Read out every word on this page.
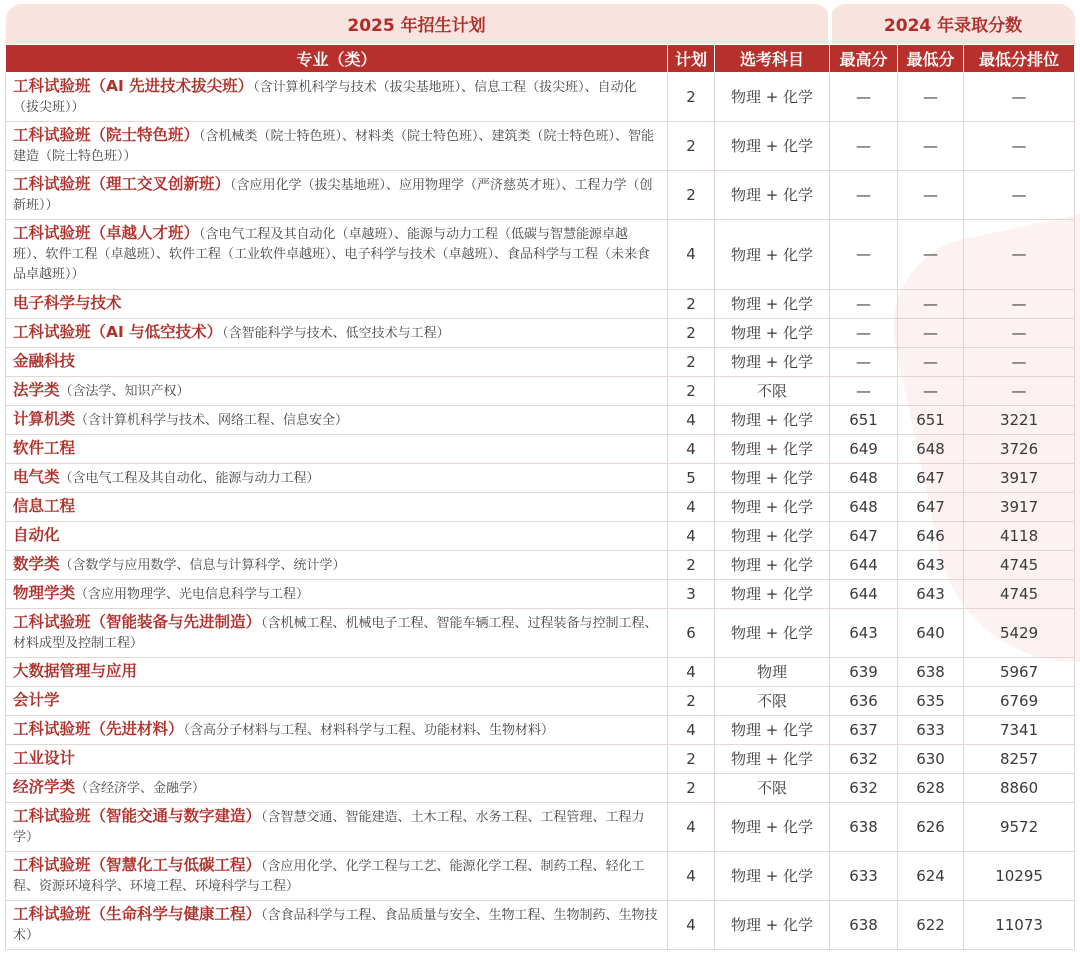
2025 年招生计划			2024 年录取分数		
专业（类）	计划	选考科目	最高分	最低分	最低分排位
工科试验班（AI 先进技术拔尖班）（含计算机科学与技术（拔尖基地班）、信息工程（拔尖班）、自动化（拔尖班））	2	物理 + 化学	—	—	—
工科试验班（院士特色班）（含机械类（院士特色班）、材料类（院士特色班）、建筑类（院士特色班）、智能建造（院士特色班））	2	物理 + 化学	—	—	—
工科试验班（理工交叉创新班）（含应用化学（拔尖基地班）、应用物理学（严济慈英才班）、工程力学（创新班））	2	物理 + 化学	—	—	—
工科试验班（卓越人才班）（含电气工程及其自动化（卓越班）、能源与动力工程（低碳与智慧能源卓越班）、软件工程（卓越班）、软件工程（工业软件卓越班）、电子科学与技术（卓越班）、食品科学与工程（未来食品卓越班））	4	物理 + 化学	—	—	—
电子科学与技术	2	物理 + 化学	—	—	—
工科试验班（AI 与低空技术）（含智能科学与技术、低空技术与工程）	2	物理 + 化学	—	—	—
金融科技	2	物理 + 化学	—	—	—
法学类（含法学、知识产权）	2	不限	—	—	—
计算机类（含计算机科学与技术、网络工程、信息安全）	4	物理 + 化学	651	651	3221
软件工程	4	物理 + 化学	649	648	3726
电气类（含电气工程及其自动化、能源与动力工程）	5	物理 + 化学	648	647	3917
信息工程	4	物理 + 化学	648	647	3917
自动化	4	物理 + 化学	647	646	4118
数学类（含数学与应用数学、信息与计算科学、统计学）	2	物理 + 化学	644	643	4745
物理学类（含应用物理学、光电信息科学与工程）	3	物理 + 化学	644	643	4745
工科试验班（智能装备与先进制造）（含机械工程、机械电子工程、智能车辆工程、过程装备与控制工程、材料成型及控制工程）	6	物理 + 化学	643	640	5429
大数据管理与应用	4	物理	639	638	5967
会计学	2	不限	636	635	6769
工科试验班（先进材料）（含高分子材料与工程、材料科学与工程、功能材料、生物材料）	4	物理 + 化学	637	633	7341
工业设计	2	物理 + 化学	632	630	8257
经济学类（含经济学、金融学）	2	不限	632	628	8860
工科试验班（智能交通与数字建造）（含智慧交通、智能建造、土木工程、水务工程、工程管理、工程力学）	4	物理 + 化学	638	626	9572
工科试验班（智慧化工与低碳工程）（含应用化学、化学工程与工艺、能源化学工程、制药工程、轻化工程、资源环境科学、环境工程、环境科学与工程）	4	物理 + 化学	633	624	10295
工科试验班（生命科学与健康工程）（含食品科学与工程、食品质量与安全、生物工程、生物制药、生物技术）	4	物理 + 化学	638	622	11073
